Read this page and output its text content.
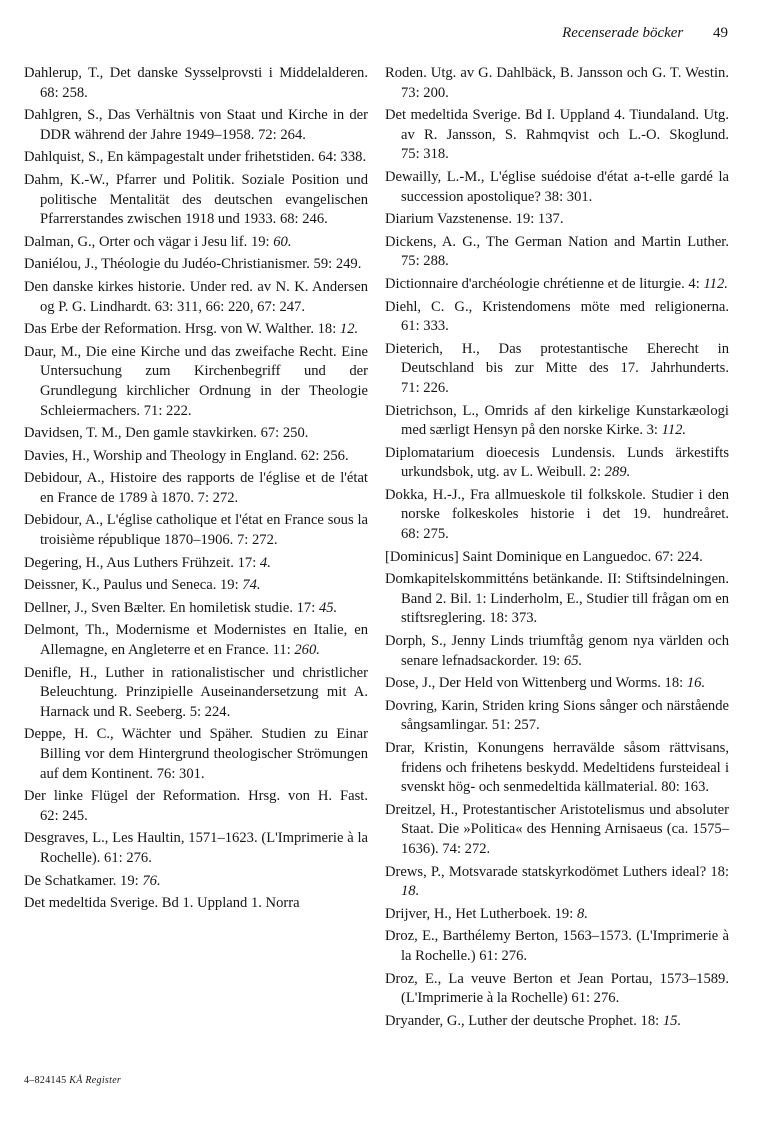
Recenserade böcker 49

Dahlerup, T., Det danske Sysselprovsti i Middelalderen. 68: 258.

Dahlgren, S., Das Verhältnis von Staat und Kirche in der DDR während der Jahre 1949–1958. 72: 264.

Dahlquist, S., En kämpagestalt under frihetstiden. 64: 338.

Dahm, K.-W., Pfarrer und Politik. Soziale Position und politische Mentalität des deutschen evangelischen Pfarrerstandes zwischen 1918 und 1933. 68: 246.

Dalman, G., Orter och vägar i Jesu lif. 19: 60.

Daniélou, J., Théologie du Judéo-Christianismer. 59: 249.

Den danske kirkes historie. Under red. av N. K. Andersen og P. G. Lindhardt. 63: 311, 66: 220, 67: 247.

Das Erbe der Reformation. Hrsg. von W. Walther. 18: 12.

Daur, M., Die eine Kirche und das zweifache Recht. Eine Untersuchung zum Kirchenbegriff und der Grundlegung kirchlicher Ordnung in der Theologie Schleiermachers. 71: 222.

Davidsen, T. M., Den gamle stavkirken. 67: 250.

Davies, H., Worship and Theology in England. 62: 256.

Debidour, A., Histoire des rapports de l'église et de l'état en France de 1789 à 1870. 7: 272.

Debidour, A., L'église catholique et l'état en France sous la troisième république 1870–1906. 7: 272.

Degering, H., Aus Luthers Frühzeit. 17: 4.

Deissner, K., Paulus und Seneca. 19: 74.

Dellner, J., Sven Bælter. En homiletisk studie. 17: 45.

Delmont, Th., Modernisme et Modernistes en Italie, en Allemagne, en Angleterre et en France. 11: 260.

Denifle, H., Luther in rationalistischer und christlicher Beleuchtung. Prinzipielle Auseinandersetzung mit A. Harnack und R. Seeberg. 5: 224.

Deppe, H. C., Wächter und Späher. Studien zu Einar Billing vor dem Hintergrund theologischer Strömungen auf dem Kontinent. 76: 301.

Der linke Flügel der Reformation. Hrsg. von H. Fast. 62: 245.

Desgraves, L., Les Haultin, 1571–1623. (L'Imprimerie à la Rochelle). 61: 276.

De Schatkamer. 19: 76.

Det medeltida Sverige. Bd 1. Uppland 1. Norra

Roden. Utg. av G. Dahlbäck, B. Jansson och G. T. Westin. 73: 200.

Det medeltida Sverige. Bd I. Uppland 4. Tiundaland. Utg. av R. Jansson, S. Rahmqvist och L.-O. Skoglund. 75: 318.

Dewailly, L.-M., L'église suédoise d'état a-t-elle gardé la succession apostolique? 38: 301.

Diarium Vazstenense. 19: 137.

Dickens, A. G., The German Nation and Martin Luther. 75: 288.

Dictionnaire d'archéologie chrétienne et de liturgie. 4: 112.

Diehl, C. G., Kristendomens möte med religionerna. 61: 333.

Dieterich, H., Das protestantische Eherecht in Deutschland bis zur Mitte des 17. Jahrhunderts. 71: 226.

Dietrichson, L., Omrids af den kirkelige Kunstarkæologi med særligt Hensyn på den norske Kirke. 3: 112.

Diplomatarium dioecesis Lundensis. Lunds ärkestifts urkundsbok, utg. av L. Weibull. 2: 289.

Dokka, H.-J., Fra allmueskole til folkskole. Studier i den norske folkeskoles historie i det 19. hundreåret. 68: 275.

[Dominicus] Saint Dominique en Languedoc. 67: 224.

Domkapitelskommitténs betänkande. II: Stiftsindelningen. Band 2. Bil. 1: Linderholm, E., Studier till frågan om en stiftsreglering. 18: 373.

Dorph, S., Jenny Linds triumftåg genom nya världen och senare lefnadsackorder. 19: 65.

Dose, J., Der Held von Wittenberg und Worms. 18: 16.

Dovring, Karin, Striden kring Sions sånger och närstående sångsamlingar. 51: 257.

Drar, Kristin, Konungens herravälde såsom rättvisans, fridens och frihetens beskydd. Medeltidens fursteideal i svenskt hög- och senmedeltida källmaterial. 80: 163.

Dreitzel, H., Protestantischer Aristotelismus und absoluter Staat. Die »Politica« des Henning Arnisaeus (ca. 1575–1636). 74: 272.

Drews, P., Motsvarade statskyrkodömet Luthers ideal? 18: 18.

Drijver, H., Het Lutherboek. 19: 8.

Droz, E., Barthélemy Berton, 1563–1573. (L'Imprimerie à la Rochelle.) 61: 276.

Droz, E., La veuve Berton et Jean Portau, 1573–1589. (L'Imprimerie à la Rochelle) 61: 276.

Dryander, G., Luther der deutsche Prophet. 18: 15.

4–824145 KÅ Register
